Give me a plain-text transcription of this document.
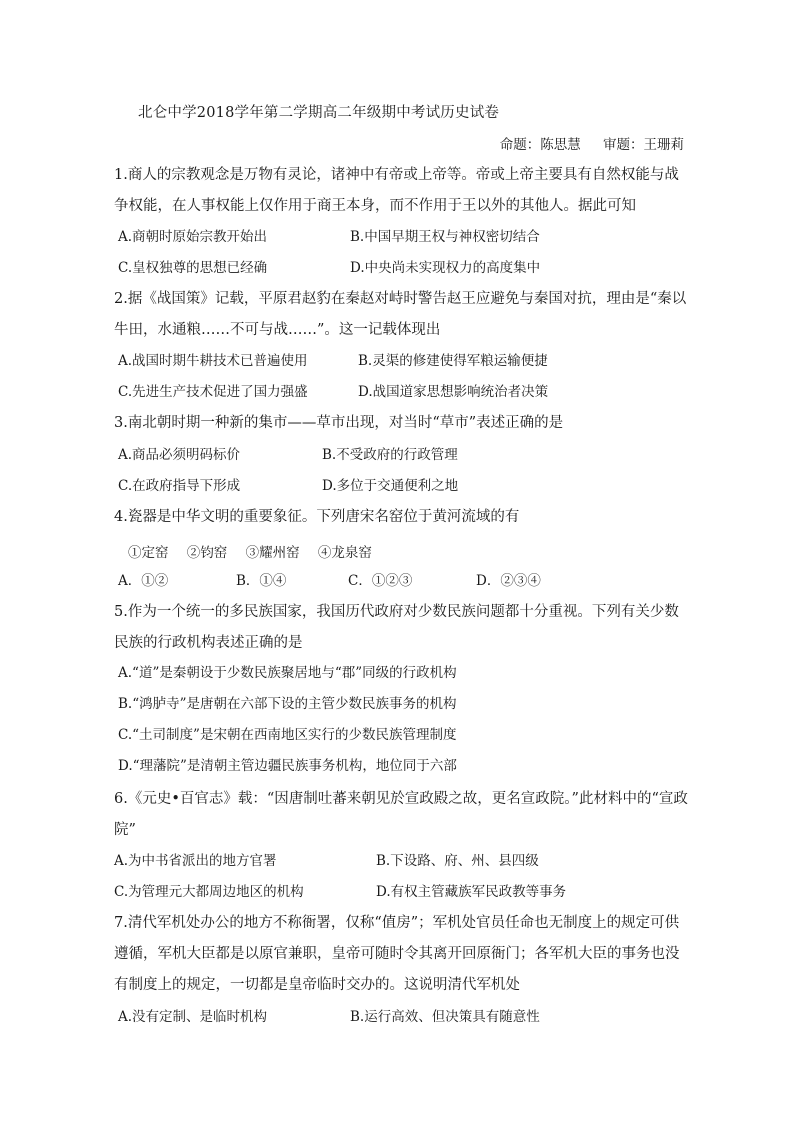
北仑中学2018学年第二学期高二年级期中考试历史试卷
命题：陈思慧 审题：王珊莉
1.商人的宗教观念是万物有灵论，诸神中有帝或上帝等。帝或上帝主要具有自然权能与战争权能，在人事权能上仅作用于商王本身，而不作用于王以外的其他人。据此可知
A.商朝时原始宗教开始出	B.中国早期王权与神权密切结合
C.皇权独尊的思想已经确	D.中央尚未实现权力的高度集中
2.据《战国策》记载，平原君赵豹在秦赵对峙时警告赵王应避免与秦国对抗，理由是“秦以牛田，水通粮……不可与战……”。这一记载体现出
A.战国时期牛耕技术已普遍使用	B.灵渠的修建使得军粮运输便捷
C.先进生产技术促进了国力强盛	D.战国道家思想影响统治者决策
3.南北朝时期一种新的集市——草市出现，对当时“草市”表述正确的是
A.商品必须明码标价	B.不受政府的行政管理
C.在政府指导下形成	D.多位于交通便利之地
4.瓷器是中华文明的重要象征。下列唐宋名窑位于黄河流域的有
①定窑 ②钧窑 ③耀州窑 ④龙泉窑
A．①②	B．①④	C．①②③	D．②③④
5.作为一个统一的多民族国家，我国历代政府对少数民族问题都十分重视。下列有关少数民族的行政机构表述正确的是
A.“道”是秦朝设于少数民族聚居地与“郡”同级的行政机构
B.“鸿胪寺”是唐朝在六部下设的主管少数民族事务的机构
C.“土司制度”是宋朝在西南地区实行的少数民族管理制度
D.“理藩院”是清朝主管边疆民族事务机构，地位同于六部
6.《元史•百官志》载：“因唐制吐蕃来朝见於宣政殿之故，更名宣政院。”此材料中的“宣政院”
A.为中书省派出的地方官署	B.下设路、府、州、县四级
C.为管理元大都周边地区的机构	D.有权主管藏族军民政教等事务
7.清代军机处办公的地方不称衙署，仅称“值房”；军机处官员任命也无制度上的规定可供遵循，军机大臣都是以原官兼职，皇帝可随时令其离开回原衙门；各军机大臣的事务也没有制度上的规定，一切都是皇帝临时交办的。这说明清代军机处
A.没有定制、是临时机构	B.运行高效、但决策具有随意性
